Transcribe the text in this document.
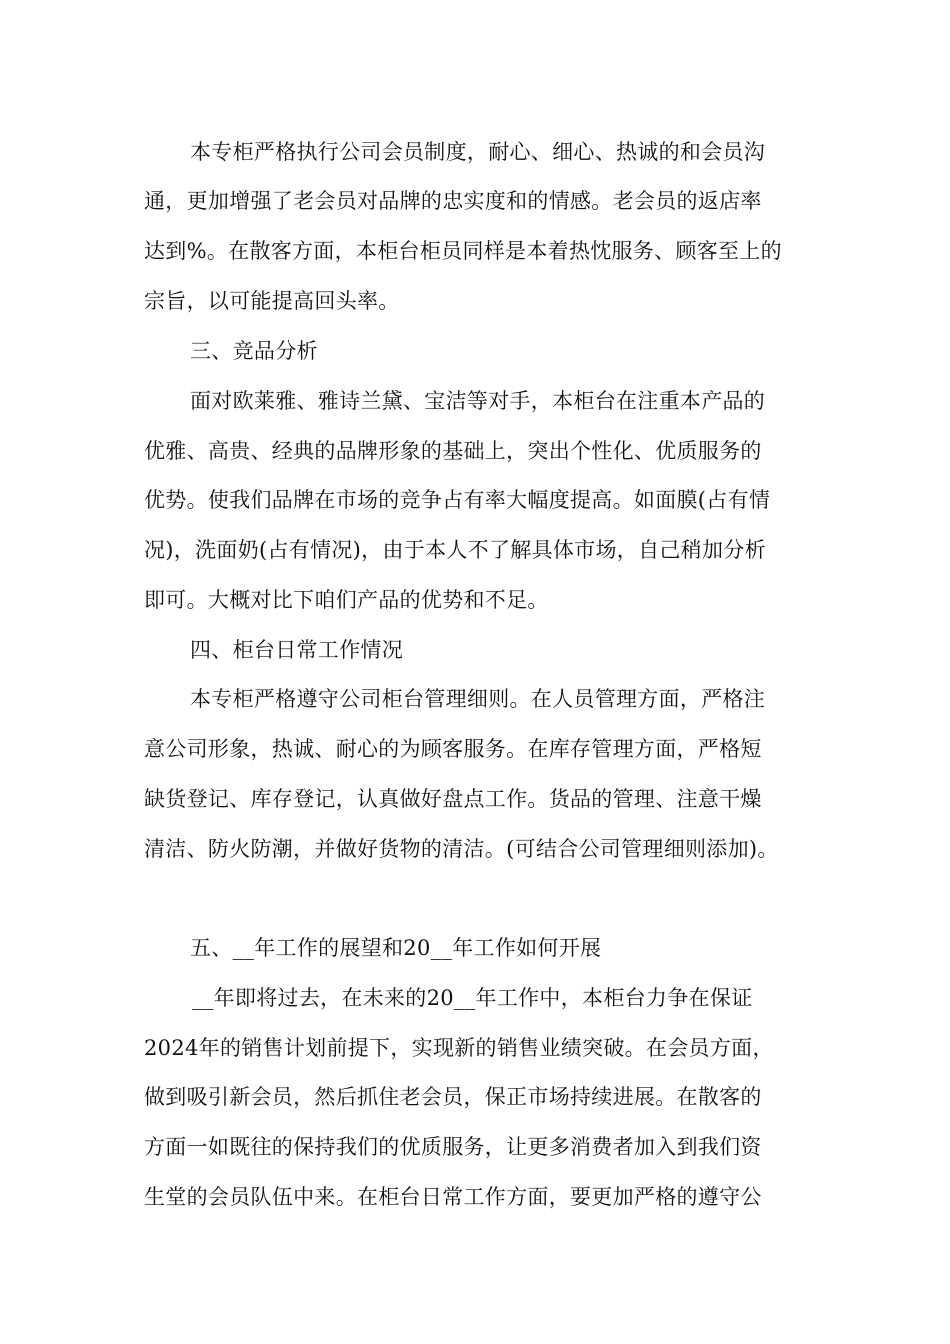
本专柜严格执行公司会员制度，耐心、细心、热诚的和会员沟
通，更加增强了老会员对品牌的忠实度和的情感。老会员的返店率
达到%。在散客方面，本柜台柜员同样是本着热忱服务、顾客至上的
宗旨，以可能提高回头率。
三、竞品分析
面对欧莱雅、雅诗兰黛、宝洁等对手，本柜台在注重本产品的
优雅、高贵、经典的品牌形象的基础上，突出个性化、优质服务的
优势。使我们品牌在市场的竞争占有率大幅度提高。如面膜(占有情
况)，洗面奶(占有情况)，由于本人不了解具体市场，自己稍加分析
即可。大概对比下咱们产品的优势和不足。
四、柜台日常工作情况
本专柜严格遵守公司柜台管理细则。在人员管理方面，严格注
意公司形象，热诚、耐心的为顾客服务。在库存管理方面，严格短
缺货登记、库存登记，认真做好盘点工作。货品的管理、注意干燥
清洁、防火防潮，并做好货物的清洁。(可结合公司管理细则添加)。
五、__年工作的展望和20__年工作如何开展
__年即将过去，在未来的20__年工作中，本柜台力争在保证
2024年的销售计划前提下，实现新的销售业绩突破。在会员方面，
做到吸引新会员，然后抓住老会员，保正市场持续进展。在散客的
方面一如既往的保持我们的优质服务，让更多消费者加入到我们资
生堂的会员队伍中来。在柜台日常工作方面，要更加严格的遵守公
